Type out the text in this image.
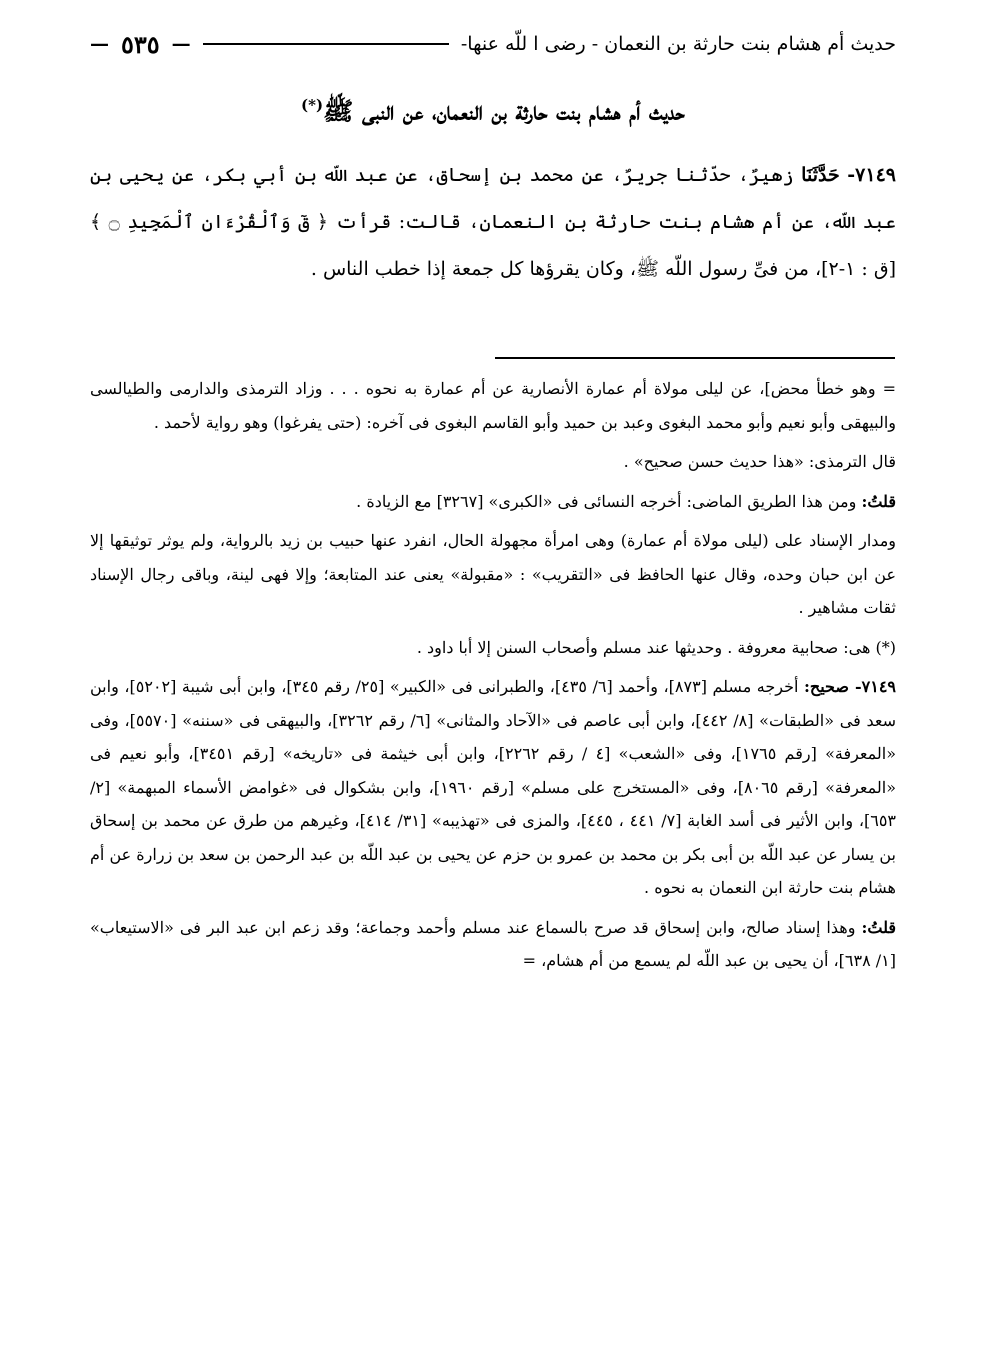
حديث أم هشام بنت حارثة بن النعمان - رضى ا للّه عنها-
—
٥٣٥
—
حديث أم هشام بنت حارثة بن النعمان، عن النبى ﷺ(*)

٧١٤٩- حَدَّثَنَا زهيرٌ، حدّثنا جريرٌ، عن محمد بن إسحاق، عن عبد اللّه بن أبي بكر، عن يحيى بن عبد اللّه، عن أم هشام بنت حارثة بن النعمان، قالت: قرأت ﴿ قٓ وَٱلْقُرْءَانِ ٱلْمَجِيدِ ۝ ﴾ [ق : ١-٢]، من فىِّ رسول اللّه ﷺ، وكان يقرؤها كل جمعة إذا خطب الناس .

= وهو خطأ محض]، عن ليلى مولاة أم عمارة الأنصارية عن أم عمارة به نحوه . . . وزاد الترمذى والدارمى والطيالسى والبيهقى وأبو نعيم وأبو محمد البغوى وعبد بن حميد وأبو القاسم البغوى فى آخره: (حتى يفرغوا) وهو رواية لأحمد .

قال الترمذى: «هذا حديث حسن صحيح» .

قلتُ: ومن هذا الطريق الماضى: أخرجه النسائى فى «الكبرى» [٣٢٦٧] مع الزيادة .

ومدار الإسناد على (ليلى مولاة أم عمارة) وهى امرأة مجهولة الحال، انفرد عنها حبيب بن زيد بالرواية، ولم يوثر توثيقها إلا عن ابن حبان وحده، وقال عنها الحافظ فى «التقريب» : «مقبولة» يعنى عند المتابعة؛ وإلا فهى لينة، وباقى رجال الإسناد ثقات مشاهير .

(*) هى: صحابية معروفة . وحديثها عند مسلم وأصحاب السنن إلا أبا داود .

٧١٤٩- صحيح: أخرجه مسلم [٨٧٣]، وأحمد [٦/ ٤٣٥]، والطبرانى فى «الكبير» [٢٥/ رقم ٣٤٥]، وابن أبى شيبة [٥٢٠٢]، وابن سعد فى «الطبقات» [٨/ ٤٤٢]، وابن أبى عاصم فى «الآحاد والمثانى» [٦/ رقم ٣٢٦٢]، والبيهقى فى «سننه» [٥٥٧٠]، وفى «المعرفة» [رقم ١٧٦٥]، وفى «الشعب» [٤ / رقم ٢٢٦٢]، وابن أبى خيثمة فى «تاريخه» [رقم ٣٤٥١]، وأبو نعيم فى «المعرفة» [رقم ٨٠٦٥]، وفى «المستخرج على مسلم» [رقم ١٩٦٠]، وابن بشكوال فى «غوامض الأسماء المبهمة» [٢/ ٦٥٣]، وابن الأثير فى أسد الغابة [٧/ ٤٤١ ، ٤٤٥]، والمزى فى «تهذيبه» [٣١/ ٤١٤]، وغيرهم من طرق عن محمد بن إسحاق بن يسار عن عبد اللّه بن أبى بكر بن محمد بن عمرو بن حزم عن يحيى بن عبد اللّه بن عبد الرحمن بن سعد بن زرارة عن أم هشام بنت حارثة ابن النعمان به نحوه .

قلتُ: وهذا إسناد صالح، وابن إسحاق قد صرح بالسماع عند مسلم وأحمد وجماعة؛ وقد زعم ابن عبد البر فى «الاستيعاب» [١/ ٦٣٨]، أن يحيى بن عبد اللّه لم يسمع من أم هشام، =
